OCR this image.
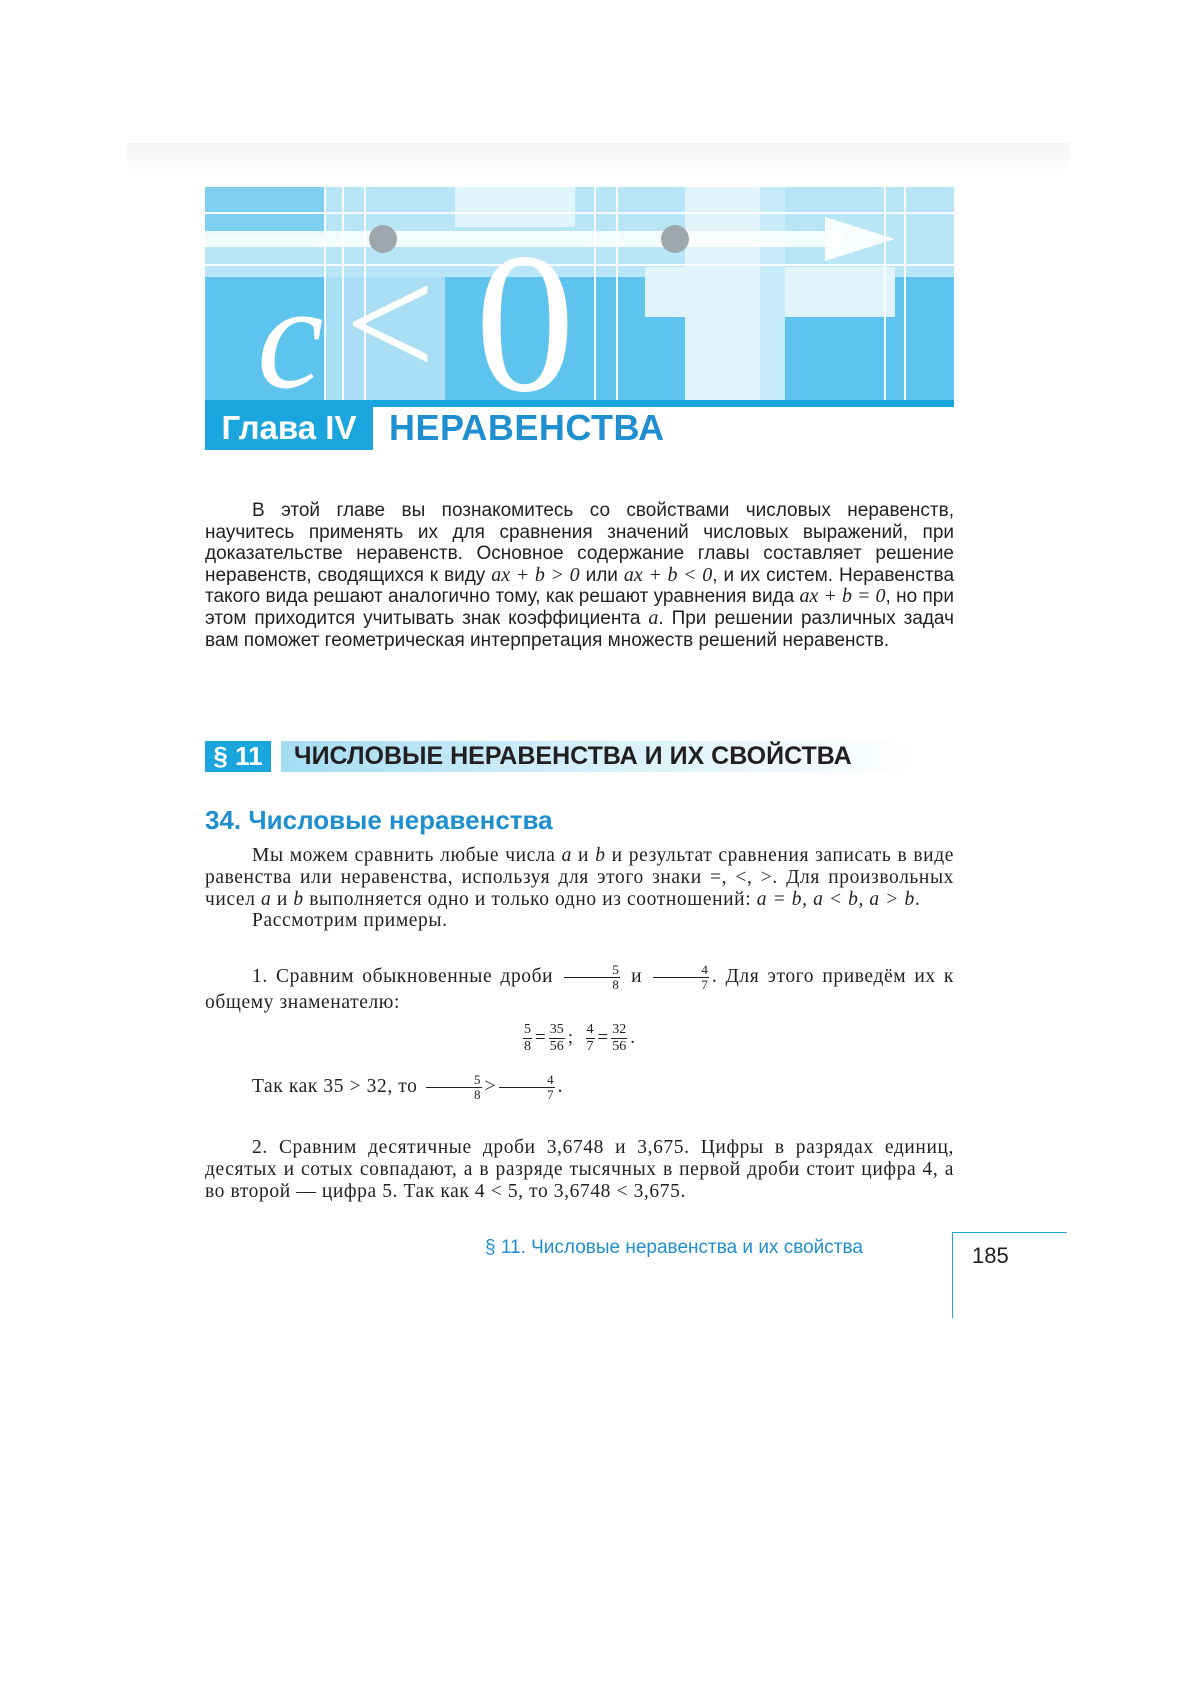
c < 0
Глава IV НЕРАВЕНСТВА

В этой главе вы познакомитесь со свойствами числовых неравенств, научитесь применять их для сравнения значений числовых выражений, при доказательстве неравенств. Основное содержание главы составляет решение неравенств, сводящихся к виду ax + b > 0 или ax + b < 0, и их систем. Неравенства такого вида решают аналогично тому, как решают уравнения вида ax + b = 0, но при этом приходится учитывать знак коэффициента a. При решении различных задач вам поможет геометрическая интерпретация множеств решений неравенств.

§ 11	ЧИСЛОВЫЕ НЕРАВЕНСТВА И ИХ СВОЙСТВА
34. Числовые неравенства

Мы можем сравнить любые числа a и b и результат сравнения записать в виде равенства или неравенства, используя для этого знаки =, <, >. Для произвольных чисел a и b выполняется одно и только одно из соотношений: a = b, a < b, a > b.

Рассмотрим примеры.

1. Сравним обыкновенные дроби $\frac{5}{8}$ и $\frac{4}{7}$ . Для этого приведём их к общему знаменателю:

$\frac{5}{8} = \frac{35}{56}$ ; $\frac{4}{7} = \frac{32}{56}$ .

Так как 35 > 32, то $\frac{5}{8} > \frac{4}{7}$ .

2. Сравним десятичные дроби 3,6748 и 3,675. Цифры в разрядах единиц, десятых и сотых совпадают, а в разряде тысячных в первой дроби стоит цифра 4, а во второй — цифра 5. Так как 4 < 5, то 3,6748 < 3,675.

§ 11. Числовые неравенства и их свойства	185
